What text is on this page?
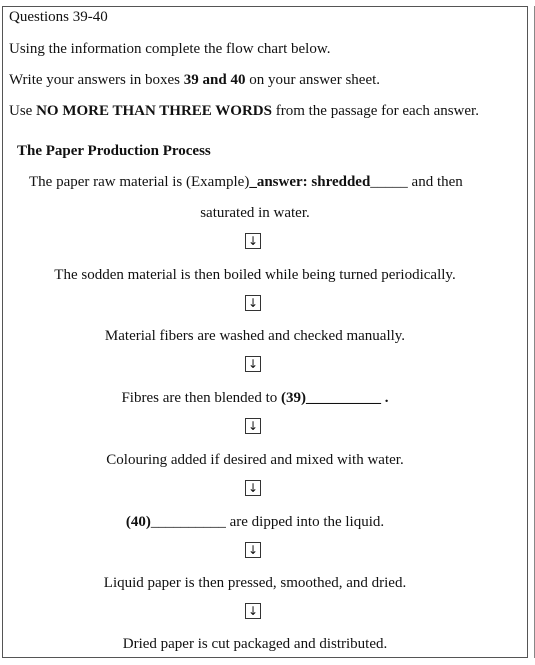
Questions 39-40
Using the information complete the flow chart below.
Write your answers in boxes 39 and 40 on your answer sheet.
Use NO MORE THAN THREE WORDS from the passage for each answer.
The Paper Production Process
The paper raw material is (Example)_answer: shredded_____ and then
saturated in water.
↓
The sodden material is then boiled while being turned periodically.
↓
Material fibers are washed and checked manually.
↓
Fibres are then blended to (39)__________ .
↓
Colouring added if desired and mixed with water.
↓
(40)__________ are dipped into the liquid.
↓
Liquid paper is then pressed, smoothed, and dried.
↓
Dried paper is cut packaged and distributed.
